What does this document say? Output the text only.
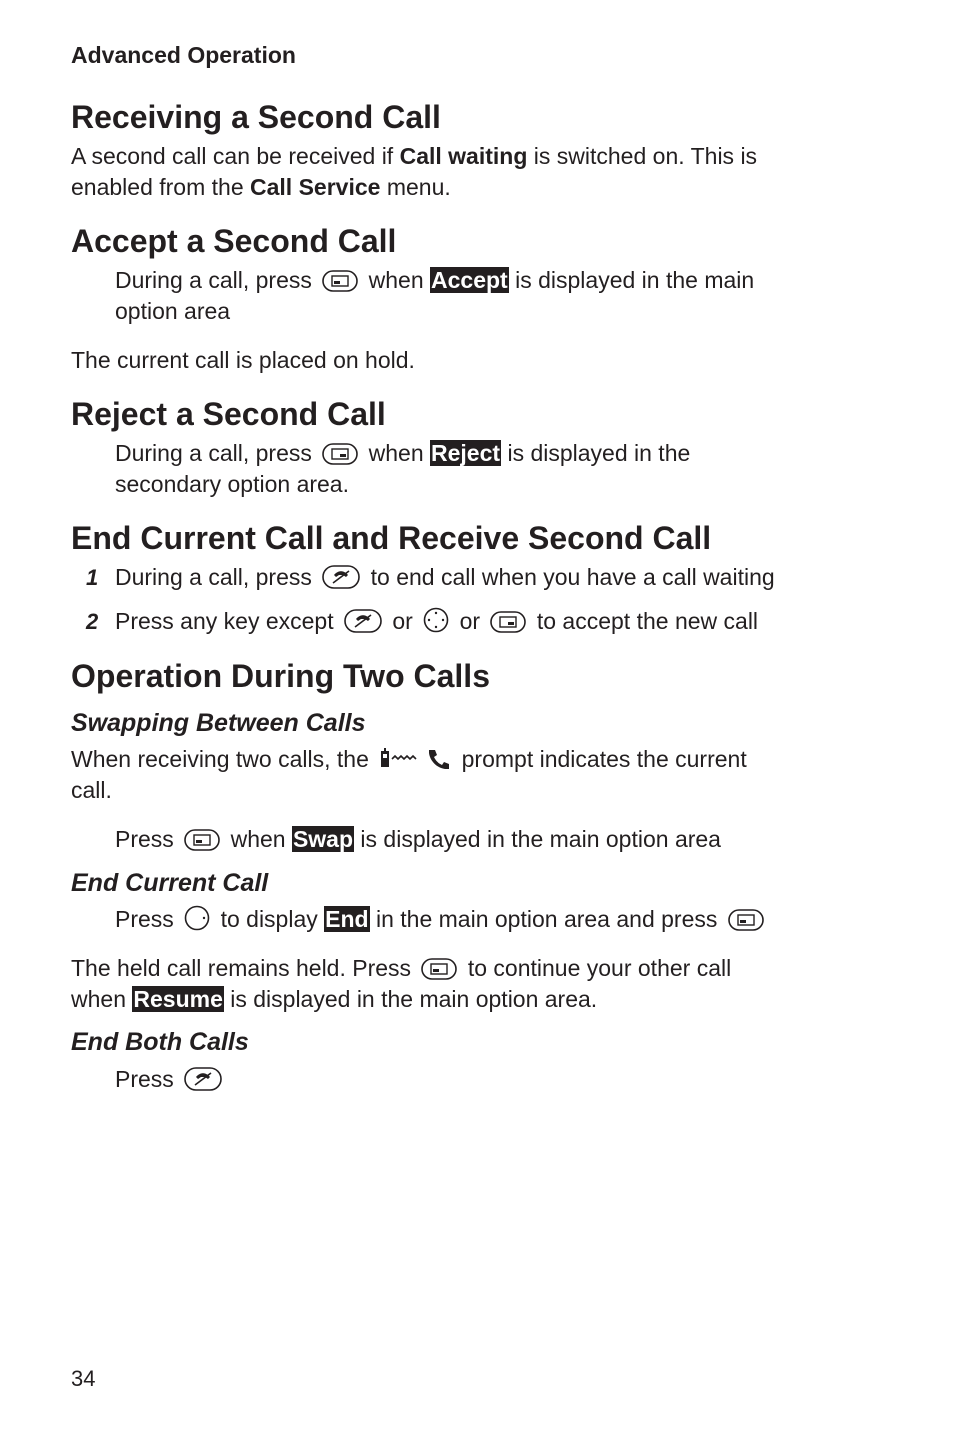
Advanced Operation
Receiving a Second Call
A second call can be received if Call waiting is switched on. This is
enabled from the Call Service menu.
Accept a Second Call
During a call, press when Accept is displayed in the main
option area
The current call is placed on hold.
Reject a Second Call
During a call, press when Reject is displayed in the
secondary option area.
End Current Call and Receive Second Call
1 During a call, press	to end call when you have a call waiting
2 Press any key except	or or to accept the new call
Operation During Two Calls
Swapping Between Calls
When receiving two calls, the	prompt indicates the current
call.
Press when Swap is displayed in the main option area
End Current Call
Press to display End in the main option area and press
The held call remains held. Press to continue your other call
when Resume is displayed in the main option area.
End Both Calls
Press
34
